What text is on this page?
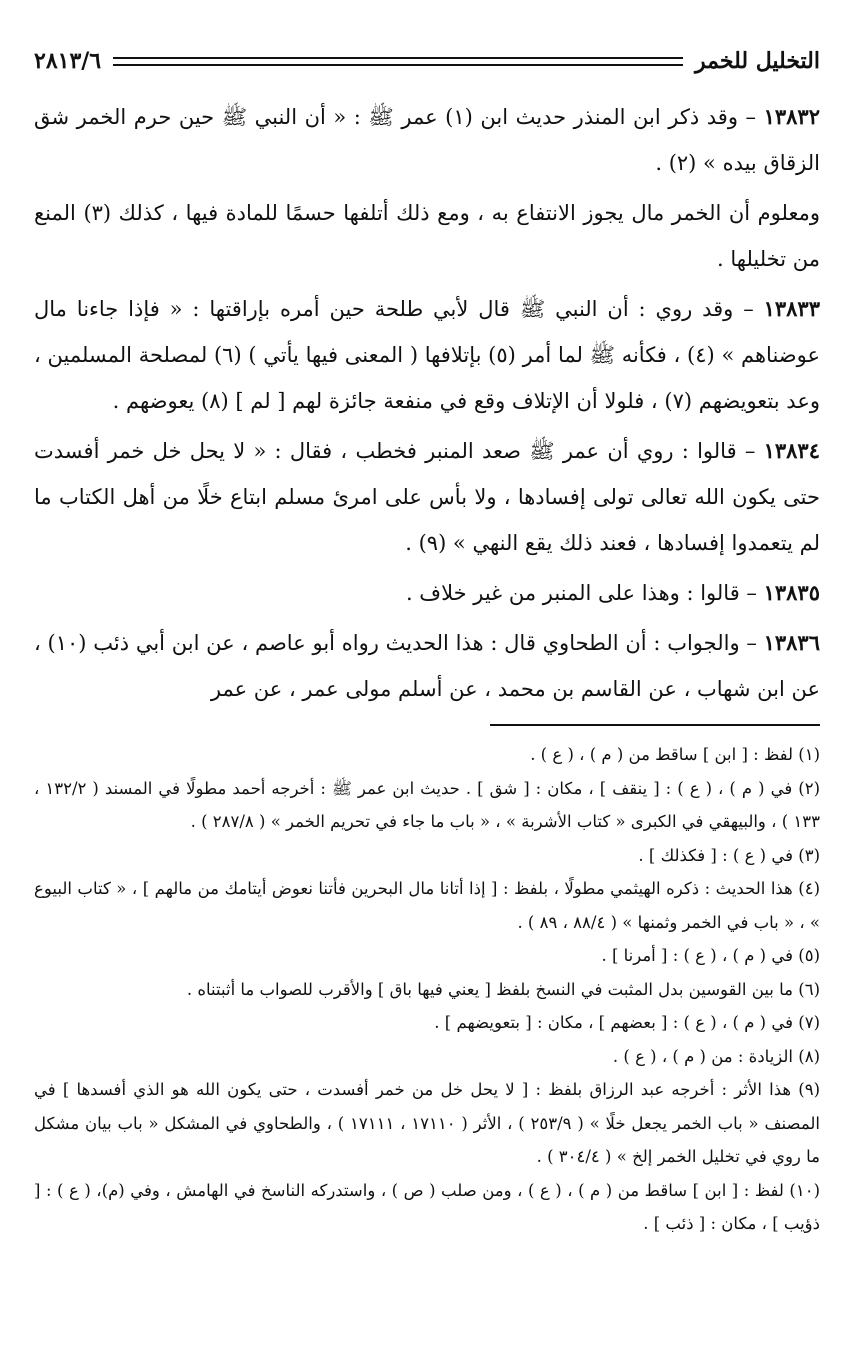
التخليل للخمر
٢٨١٣/٦

١٣٨٣٢ – وقد ذكر ابن المنذر حديث ابن (١) عمر ﷺ : « أن النبي ﷺ حين حرم الخمر شق الزقاق بيده » (٢) .

ومعلوم أن الخمر مال يجوز الانتفاع به ، ومع ذلك أتلفها حسمًا للمادة فيها ، كذلك (٣) المنع من تخليلها .

١٣٨٣٣ – وقد روي : أن النبي ﷺ قال لأبي طلحة حين أمره بإراقتها : « فإذا جاءنا مال عوضناهم » (٤) ، فكأنه ﷺ لما أمر (٥) بإتلافها ( المعنى فيها يأتي ) (٦) لمصلحة المسلمين ، وعد بتعويضهم (٧) ، فلولا أن الإتلاف وقع في منفعة جائزة لهم [ لم ] (٨) يعوضهم .

١٣٨٣٤ – قالوا : روي أن عمر ﷺ صعد المنبر فخطب ، فقال : « لا يحل خل خمر أفسدت حتى يكون الله تعالى تولى إفسادها ، ولا بأس على امرئ مسلم ابتاع خلًا من أهل الكتاب ما لم يتعمدوا إفسادها ، فعند ذلك يقع النهي » (٩) .

١٣٨٣٥ – قالوا : وهذا على المنبر من غير خلاف .

١٣٨٣٦ – والجواب : أن الطحاوي قال : هذا الحديث رواه أبو عاصم ، عن ابن أبي ذئب (١٠) ، عن ابن شهاب ، عن القاسم بن محمد ، عن أسلم مولى عمر ، عن عمر

(١) لفظ : [ ابن ] ساقط من ( م ) ، ( ع ) .

(٢) في ( م ) ، ( ع ) : [ ينقف ] ، مكان : [ شق ] . حديث ابن عمر ﷺ : أخرجه أحمد مطولًا في المسند ( ١٣٢/٢ ، ١٣٣ ) ، والبيهقي في الكبرى « كتاب الأشربة » ، « باب ما جاء في تحريم الخمر » ( ٢٨٧/٨ ) .

(٣) في ( ع ) : [ فكذلك ] .

(٤) هذا الحديث : ذكره الهيثمي مطولًا ، بلفظ : [ إذا أتانا مال البحرين فأتنا نعوض أيتامك من مالهم ] ، « كتاب البيوع » ، « باب في الخمر وثمنها » ( ٨٨/٤ ، ٨٩ ) .

(٥) في ( م ) ، ( ع ) : [ أمرنا ] .

(٦) ما بين القوسين بدل المثبت في النسخ بلفظ [ يعني فيها باق ] والأقرب للصواب ما أثبتناه .

(٧) في ( م ) ، ( ع ) : [ بعضهم ] ، مكان : [ بتعويضهم ] .

(٨) الزيادة : من ( م ) ، ( ع ) .

(٩) هذا الأثر : أخرجه عبد الرزاق بلفظ : [ لا يحل خل من خمر أفسدت ، حتى يكون الله هو الذي أفسدها ] في المصنف « باب الخمر يجعل خلًا » ( ٢٥٣/٩ ) ، الأثر ( ١٧١١٠ ، ١٧١١١ ) ، والطحاوي في المشكل « باب بيان مشكل ما روي في تخليل الخمر إلخ » ( ٣٠٤/٤ ) .

(١٠) لفظ : [ ابن ] ساقط من ( م ) ، ( ع ) ، ومن صلب ( ص ) ، واستدركه الناسخ في الهامش ، وفي (م)، ( ع ) : [ ذؤيب ] ، مكان : [ ذئب ] .
